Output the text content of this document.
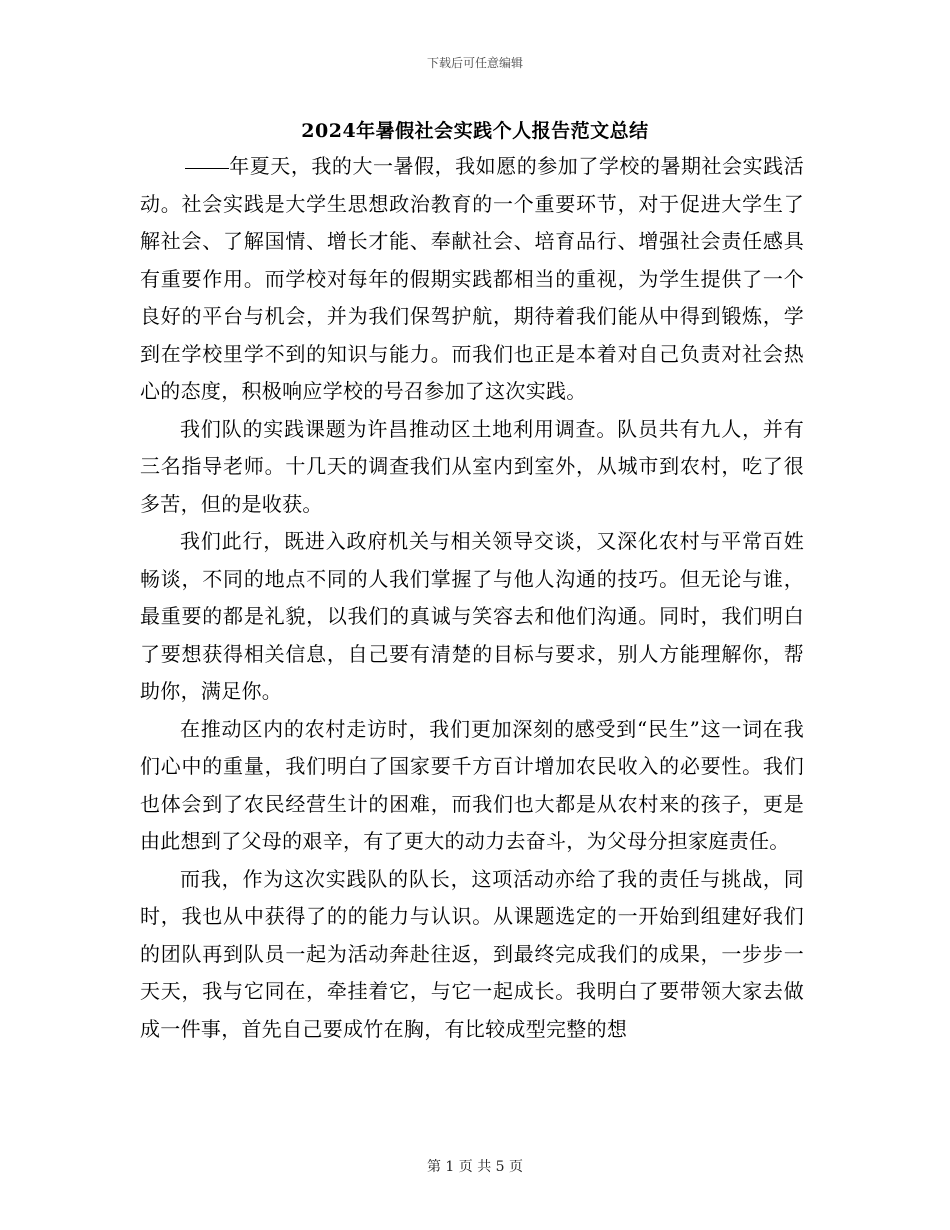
下载后可任意编辑
2024年暑假社会实践个人报告范文总结

年夏天，我的大一暑假，我如愿的参加了学校的暑期社会实践活动。社会实践是大学生思想政治教育的一个重要环节，对于促进大学生了解社会、了解国情、增长才能、奉献社会、培育品行、增强社会责任感具有重要作用。而学校对每年的假期实践都相当的重视，为学生提供了一个良好的平台与机会，并为我们保驾护航，期待着我们能从中得到锻炼，学到在学校里学不到的知识与能力。而我们也正是本着对自己负责对社会热心的态度，积极响应学校的号召参加了这次实践。

我们队的实践课题为许昌推动区土地利用调查。队员共有九人，并有三名指导老师。十几天的调查我们从室内到室外，从城市到农村，吃了很多苦，但的是收获。

我们此行，既进入政府机关与相关领导交谈，又深化农村与平常百姓畅谈，不同的地点不同的人我们掌握了与他人沟通的技巧。但无论与谁，最重要的都是礼貌，以我们的真诚与笑容去和他们沟通。同时，我们明白了要想获得相关信息，自己要有清楚的目标与要求，别人方能理解你，帮助你，满足你。

在推动区内的农村走访时，我们更加深刻的感受到“民生”这一词在我们心中的重量，我们明白了国家要千方百计增加农民收入的必要性。我们也体会到了农民经营生计的困难，而我们也大都是从农村来的孩子，更是由此想到了父母的艰辛，有了更大的动力去奋斗，为父母分担家庭责任。

而我，作为这次实践队的队长，这项活动亦给了我的责任与挑战，同时，我也从中获得了的的能力与认识。从课题选定的一开始到组建好我们的团队再到队员一起为活动奔赴往返，到最终完成我们的成果，一步步一天天，我与它同在，牵挂着它，与它一起成长。我明白了要带领大家去做成一件事，首先自己要成竹在胸，有比较成型完整的想

第 1 页 共 5 页
